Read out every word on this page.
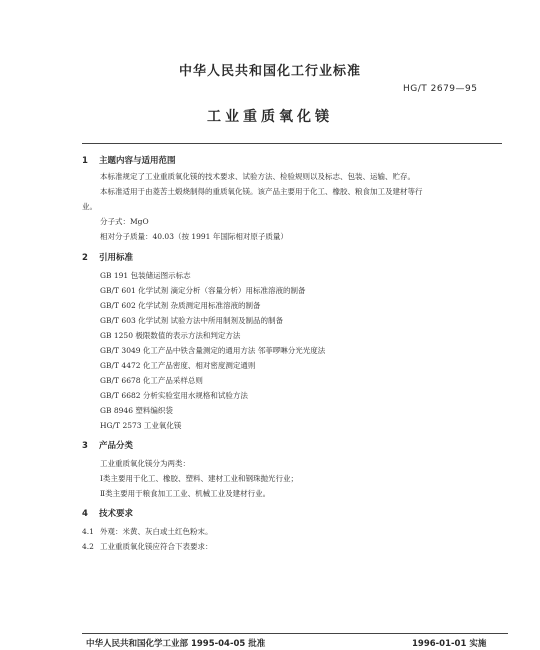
中华人民共和国化工行业标准
HG/T 2679—95
工业重质氧化镁
1 主题内容与适用范围
本标准规定了工业重质氧化镁的技术要求、试验方法、检验规则以及标志、包装、运输、贮存。
本标准适用于由菱苦土煅烧制得的重质氧化镁。该产品主要用于化工、橡胶、粮食加工及建材等行
业。
分子式：MgO
相对分子质量：40.03（按 1991 年国际相对原子质量）
2 引用标准
GB 191 包装储运图示标志
GB/T 601 化学试剂 滴定分析（容量分析）用标准溶液的制备
GB/T 602 化学试剂 杂质测定用标准溶液的制备
GB/T 603 化学试剂 试验方法中所用制剂及制品的制备
GB 1250 极限数值的表示方法和判定方法
GB/T 3049 化工产品中铁含量测定的通用方法 邻菲啰啉分光光度法
GB/T 4472 化工产品密度、相对密度测定通则
GB/T 6678 化工产品采样总则
GB/T 6682 分析实验室用水规格和试验方法
GB 8946 塑料编织袋
HG/T 2573 工业氧化镁
3 产品分类
工业重质氧化镁分为两类：
Ⅰ类主要用于化工、橡胶、塑料、建材工业和钢珠抛光行业；
Ⅱ类主要用于粮食加工工业、机械工业及建材行业。
4 技术要求
4.1 外观：米黄、灰白或土红色粉末。
4.2 工业重质氧化镁应符合下表要求：
中华人民共和国化学工业部 1995-04-05 批准	1996-01-01 实施
